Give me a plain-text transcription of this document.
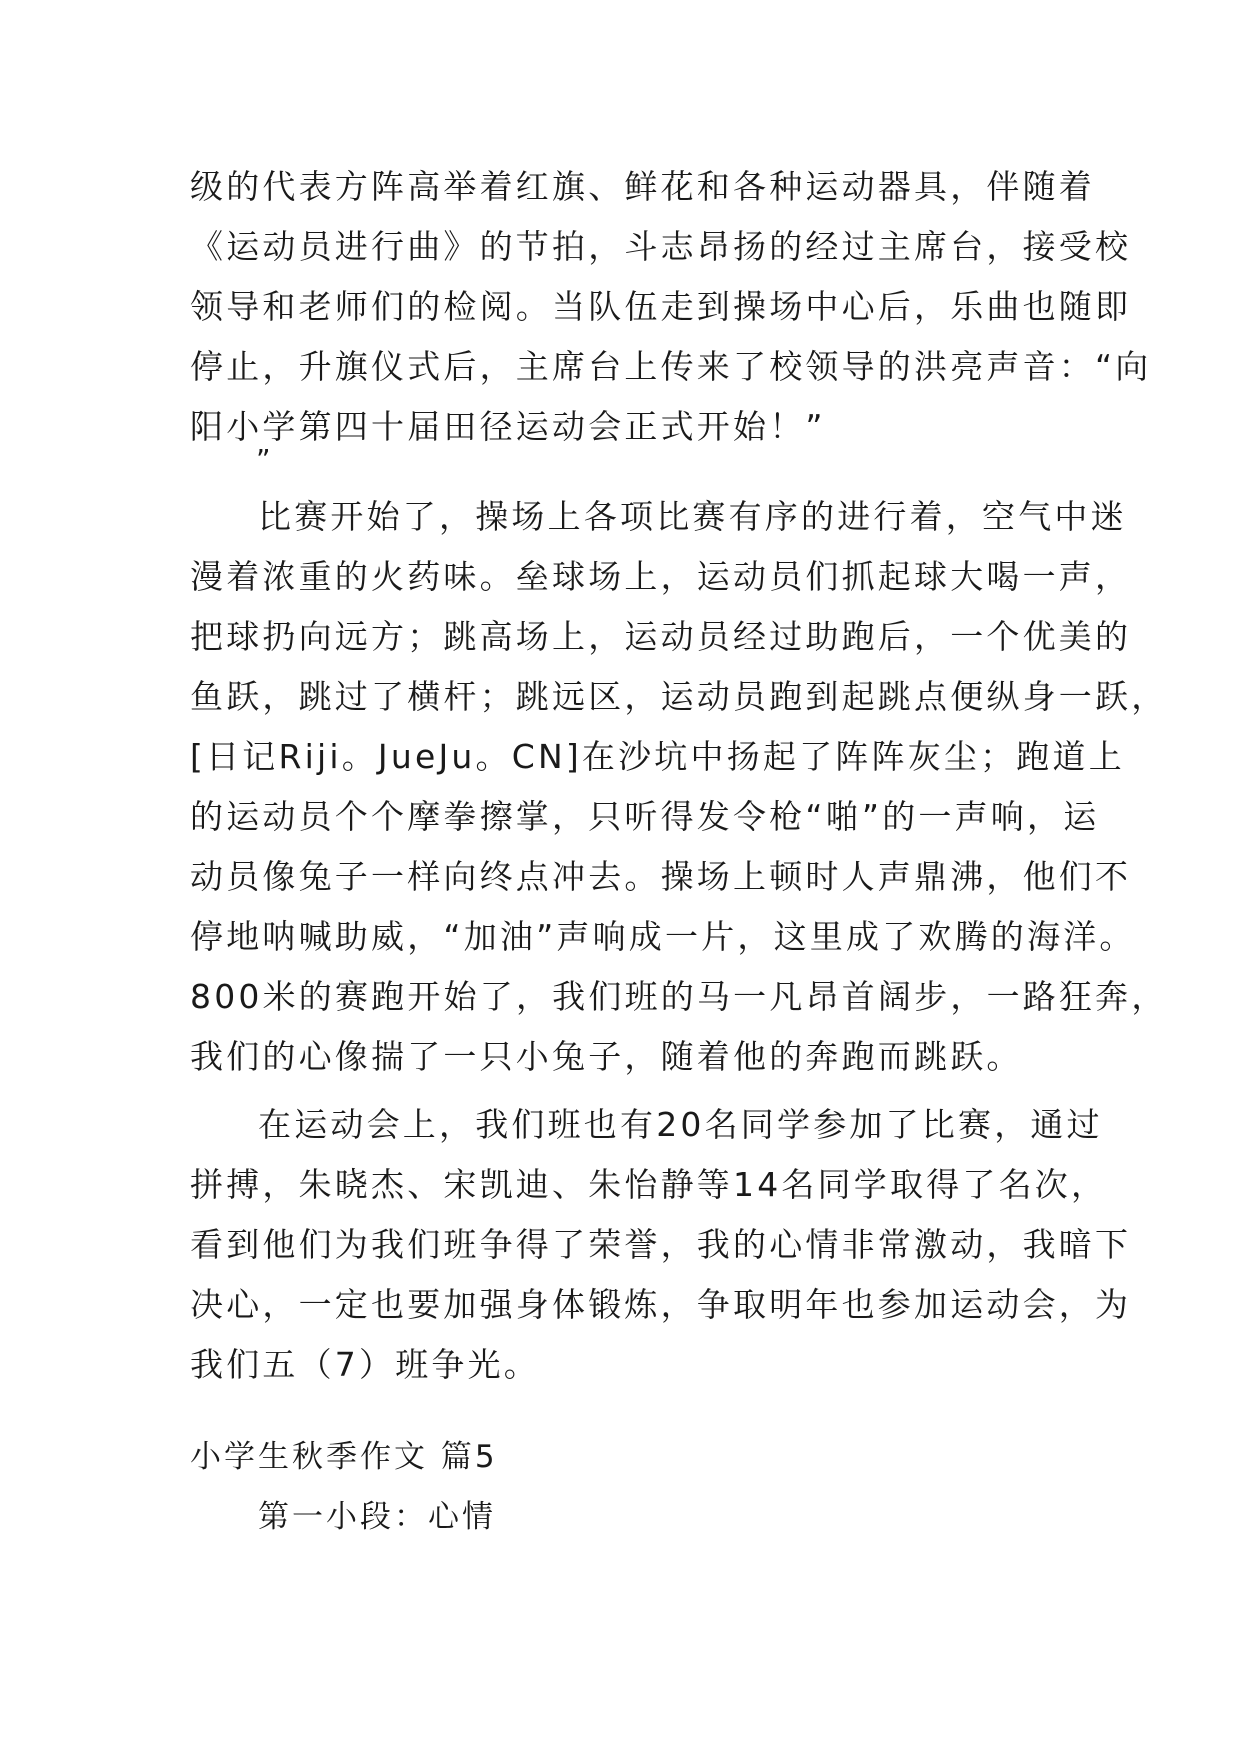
级的代表方阵高举着红旗、鲜花和各种运动器具，伴随着
《运动员进行曲》的节拍，斗志昂扬的经过主席台，接受校
领导和老师们的检阅。当队伍走到操场中心后，乐曲也随即
停止，升旗仪式后，主席台上传来了校领导的洪亮声音：“向
阳小学第四十届田径运动会正式开始！”
”
比赛开始了，操场上各项比赛有序的进行着，空气中迷
漫着浓重的火药味。垒球场上，运动员们抓起球大喝一声，
把球扔向远方；跳高场上，运动员经过助跑后，一个优美的
鱼跃，跳过了横杆；跳远区，运动员跑到起跳点便纵身一跃，
[日记Riji。JueJu。CN]在沙坑中扬起了阵阵灰尘；跑道上
的运动员个个摩拳擦掌，只听得发令枪“啪”的一声响，运
动员像兔子一样向终点冲去。操场上顿时人声鼎沸，他们不
停地呐喊助威，“加油”声响成一片，这里成了欢腾的海洋。
800米的赛跑开始了，我们班的马一凡昂首阔步，一路狂奔，
我们的心像揣了一只小兔子，随着他的奔跑而跳跃。
在运动会上，我们班也有20名同学参加了比赛，通过
拼搏，朱晓杰、宋凯迪、朱怡静等14名同学取得了名次，
看到他们为我们班争得了荣誉，我的心情非常激动，我暗下
决心，一定也要加强身体锻炼，争取明年也参加运动会，为
我们五（7）班争光。
小学生秋季作文 篇5
第一小段：心情
